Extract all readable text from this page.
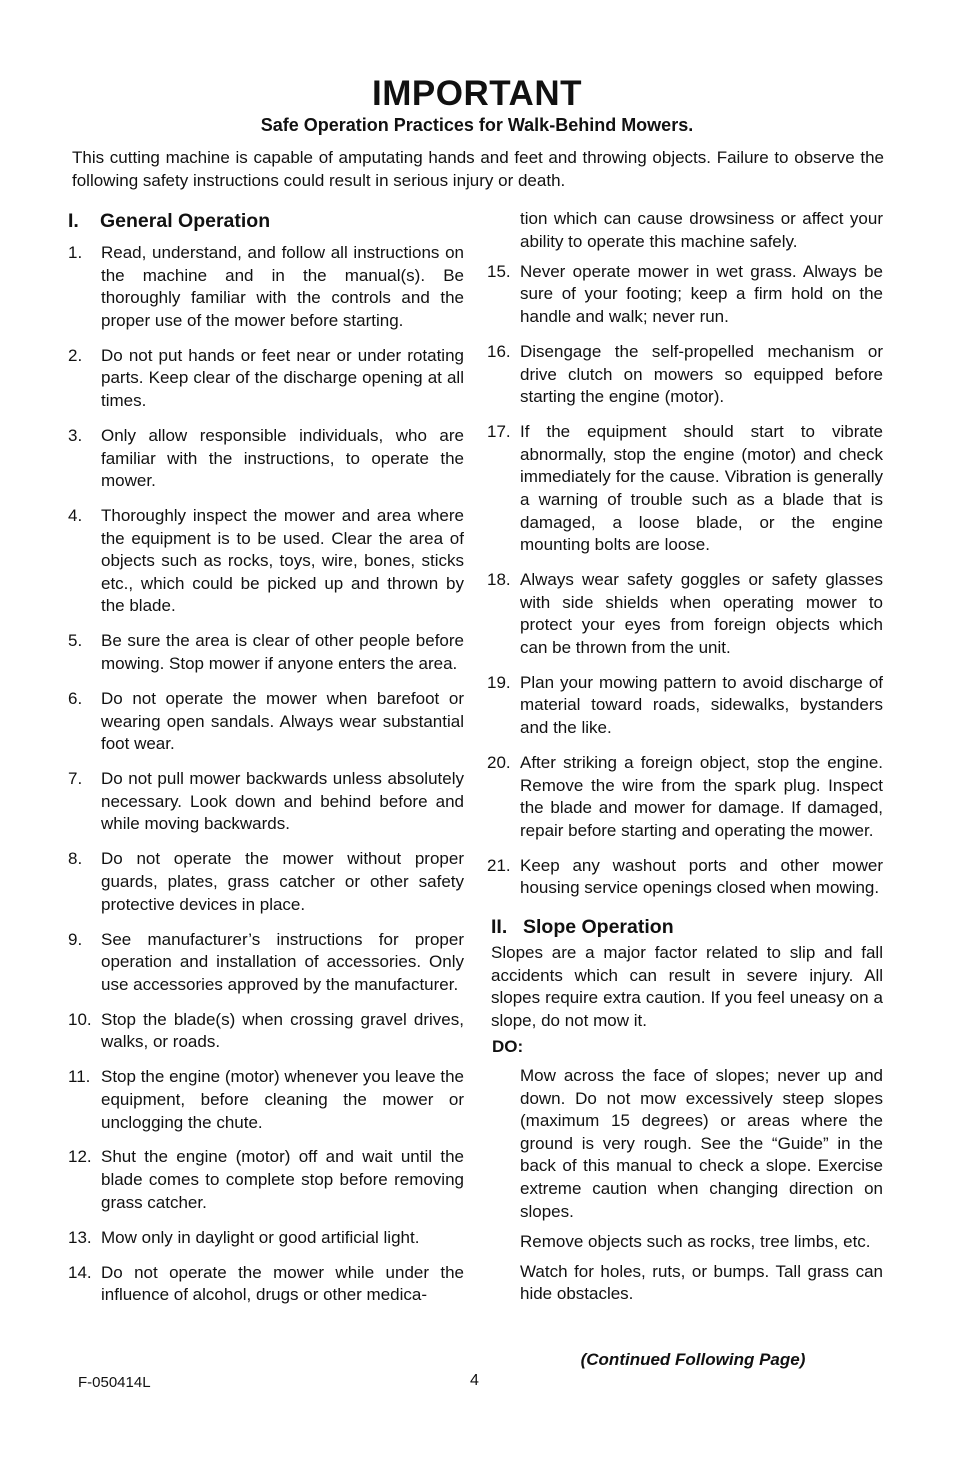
IMPORTANT
Safe Operation Practices for Walk-Behind Mowers.
This cutting machine is capable of amputating hands and feet and throwing objects. Failure to observe the following safety instructions could result in serious injury or death.
I.	General Operation
1.	Read, understand, and follow all instructions on the machine and in the manual(s). Be thoroughly familiar with the controls and the proper use of the mower before starting.
2.	Do not put hands or feet near or under rotating parts. Keep clear of the discharge opening at all times.
3.	Only allow responsible individuals, who are familiar with the instructions, to operate the mower.
4.	Thoroughly inspect the mower and area where the equipment is to be used. Clear the area of objects such as rocks, toys, wire, bones, sticks etc., which could be picked up and thrown by the blade.
5.	Be sure the area is clear of other people before mowing. Stop mower if anyone enters the area.
6.	Do not operate the mower when barefoot or wearing open sandals. Always wear substantial foot wear.
7.	Do not pull mower backwards unless absolutely necessary. Look down and behind before and while moving backwards.
8.	Do not operate the mower without proper guards, plates, grass catcher or other safety protective devices in place.
9.	See manufacturer’s instructions for proper operation and installation of accessories. Only use accessories approved by the manufacturer.
10. Stop the blade(s) when crossing gravel drives, walks, or roads.
11. Stop the engine (motor) whenever you leave the equipment, before cleaning the mower or unclogging the chute.
12. Shut the engine (motor) off and wait until the blade comes to complete stop before removing grass catcher.
13. Mow only in daylight or good artificial light.
14. Do not operate the mower while under the influence of alcohol, drugs or other medica-
tion which can cause drowsiness or affect your ability to operate this machine safely.
15. Never operate mower in wet grass. Always be sure of your footing; keep a firm hold on the handle and walk; never run.
16. Disengage the self-propelled mechanism or drive clutch on mowers so equipped before starting the engine (motor).
17. If the equipment should start to vibrate abnormally, stop the engine (motor) and check immediately for the cause. Vibration is generally a warning of trouble such as a blade that is damaged, a loose blade, or the engine mounting bolts are loose.
18. Always wear safety goggles or safety glasses with side shields when operating mower to protect your eyes from foreign objects which can be thrown from the unit.
19. Plan your mowing pattern to avoid discharge of material toward roads, sidewalks, bystanders and the like.
20. After striking a foreign object, stop the engine. Remove the wire from the spark plug. Inspect the blade and mower for damage. If damaged, repair before starting and operating the mower.
21. Keep any washout ports and other mower housing service openings closed when mowing.
II. Slope Operation
Slopes are a major factor related to slip and fall accidents which can result in severe injury. All slopes require extra caution. If you feel uneasy on a slope, do not mow it.
DO:
Mow across the face of slopes; never up and down. Do not mow excessively steep slopes (maximum 15 degrees) or areas where the ground is very rough. See the “Guide” in the back of this manual to check a slope. Exercise extreme caution when changing direction on slopes.
Remove objects such as rocks, tree limbs, etc.
Watch for holes, ruts, or bumps. Tall grass can hide obstacles.
(Continued Following Page)
F-050414L	4
